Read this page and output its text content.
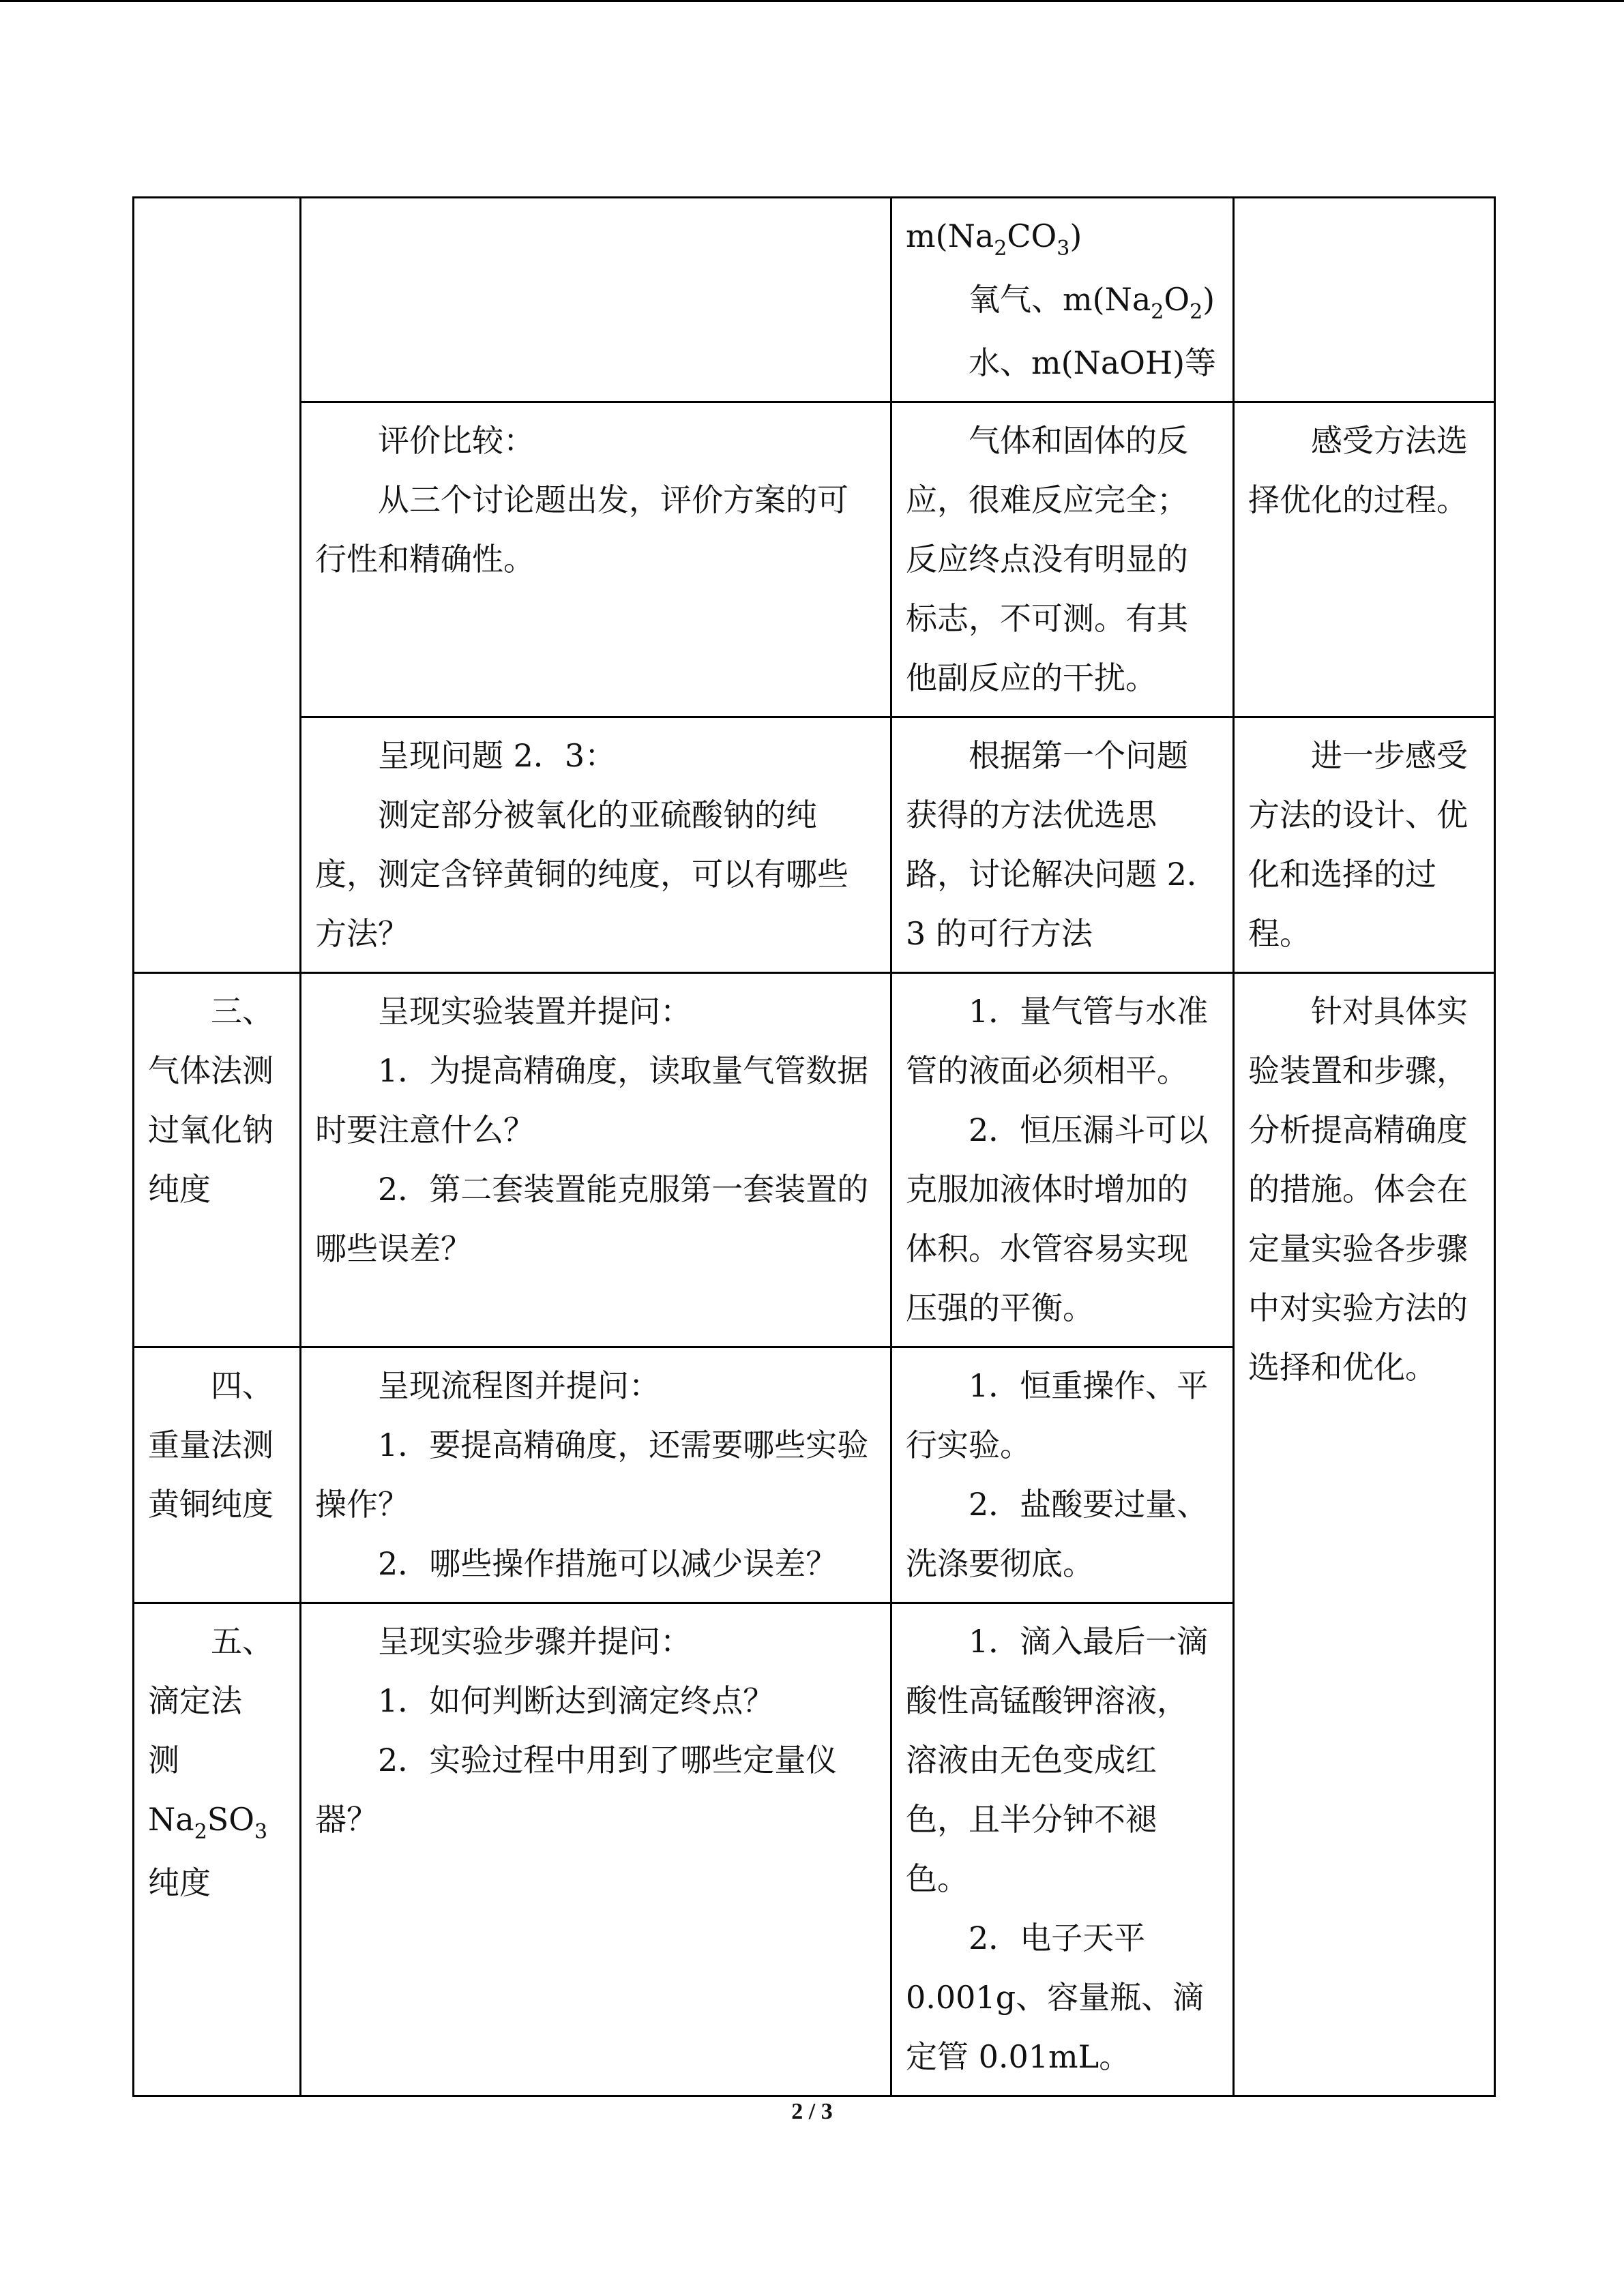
		$m(Na_2CO_3)$
氧气、$m(Na_2O_2)$
水、m(NaOH)等	

	评价比较：
从三个讨论题出发，评价方案的可行性和精确性。	气体和固体的反应，很难反应完全；反应终点没有明显的标志，不可测。有其他副反应的干扰。	感受方法选择优化的过程。

	呈现问题 2．3：
测定部分被氧化的亚硫酸钠的纯度，测定含锌黄铜的纯度，可以有哪些方法？	根据第一个问题获得的方法优选思路，讨论解决问题 2．3 的可行方法	进一步感受方法的设计、优化和选择的过程。

三、
气体法测过氧化钠纯度	呈现实验装置并提问：
1．为提高精确度，读取量气管数据时要注意什么？
2．第二套装置能克服第一套装置的哪些误差？	1．量气管与水准管的液面必须相平。
2．恒压漏斗可以克服加液体时增加的体积。水管容易实现压强的平衡。	针对具体实验装置和步骤，分析提高精确度的措施。体会在定量实验各步骤中对实验方法的选择和优化。

四、
重量法测黄铜纯度	呈现流程图并提问：
1．要提高精确度，还需要哪些实验操作？
2．哪些操作措施可以减少误差？	1．恒重操作、平行实验。
2．盐酸要过量、洗涤要彻底。	

五、
滴定法
测
$Na_2SO_3$
纯度	呈现实验步骤并提问：
1．如何判断达到滴定终点？
2．实验过程中用到了哪些定量仪器？	1．滴入最后一滴酸性高锰酸钾溶液，溶液由无色变成红色，且半分钟不褪色。
2．电子天平 0.001g、容量瓶、滴定管 0.01mL。	
2 / 3
